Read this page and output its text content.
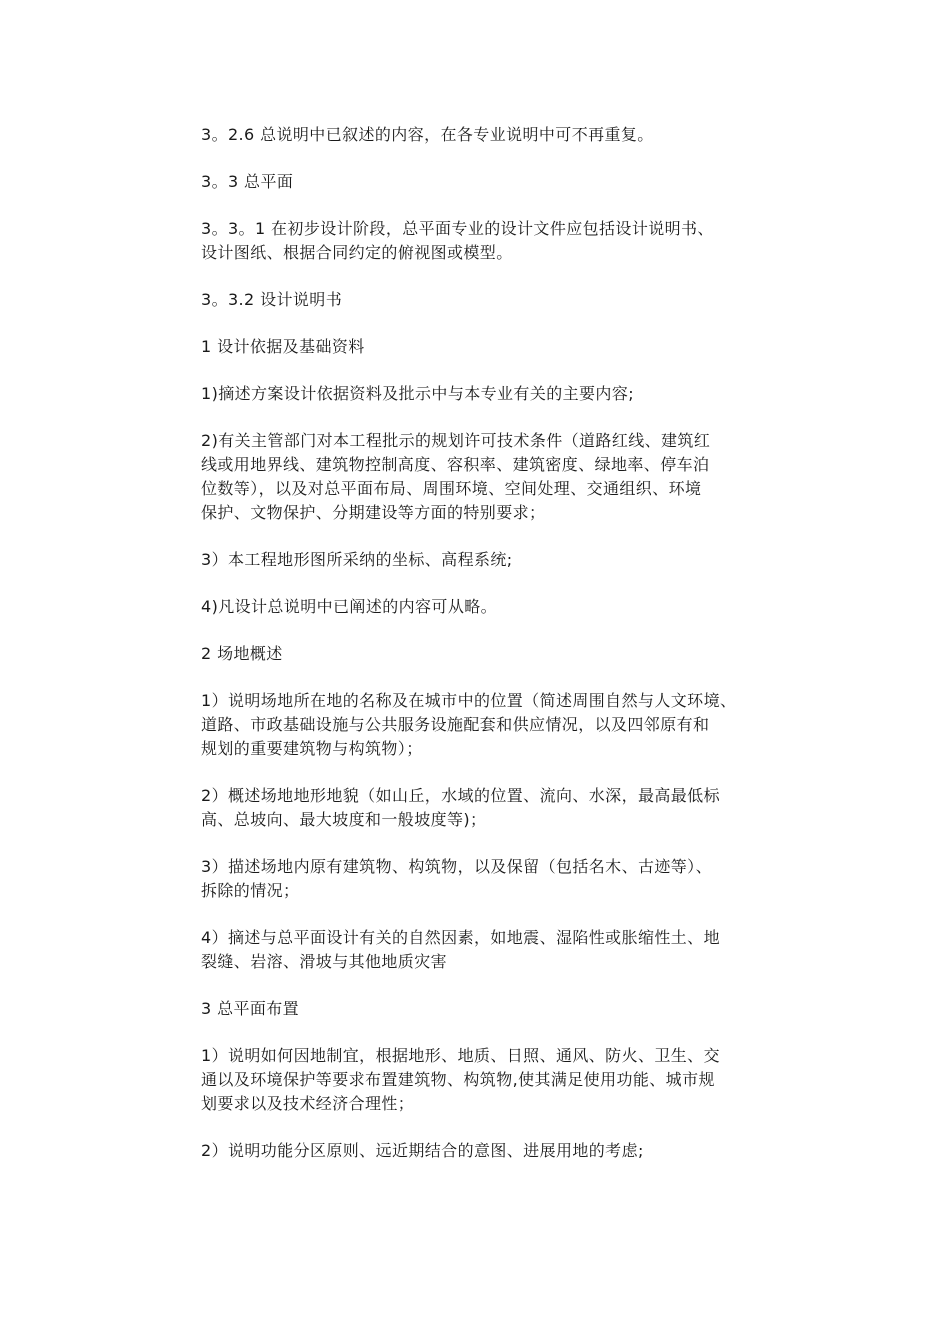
3。2.6 总说明中已叙述的内容，在各专业说明中可不再重复。

3。3 总平面

3。3。1 在初步设计阶段，总平面专业的设计文件应包括设计说明书、
设计图纸、根据合同约定的俯视图或模型。

3。3.2 设计说明书

1 设计依据及基础资料

1)摘述方案设计依据资料及批示中与本专业有关的主要内容;

2)有关主管部门对本工程批示的规划许可技术条件（道路红线、建筑红
线或用地界线、建筑物控制高度、容积率、建筑密度、绿地率、停车泊
位数等），以及对总平面布局、周围环境、空间处理、交通组织、环境
保护、文物保护、分期建设等方面的特别要求；

3）本工程地形图所采纳的坐标、高程系统;

4)凡设计总说明中已阐述的内容可从略。

2 场地概述

1）说明场地所在地的名称及在城市中的位置（简述周围自然与人文环境、
道路、市政基础设施与公共服务设施配套和供应情况，以及四邻原有和
规划的重要建筑物与构筑物）；

2）概述场地地形地貌（如山丘，水域的位置、流向、水深，最高最低标
高、总坡向、最大坡度和一般坡度等)；

3）描述场地内原有建筑物、构筑物，以及保留（包括名木、古迹等）、
拆除的情况；

4）摘述与总平面设计有关的自然因素，如地震、湿陷性或胀缩性土、地
裂缝、岩溶、滑坡与其他地质灾害

3 总平面布置

1）说明如何因地制宜，根据地形、地质、日照、通风、防火、卫生、交
通以及环境保护等要求布置建筑物、构筑物,使其满足使用功能、城市规
划要求以及技术经济合理性；

2）说明功能分区原则、远近期结合的意图、进展用地的考虑;
